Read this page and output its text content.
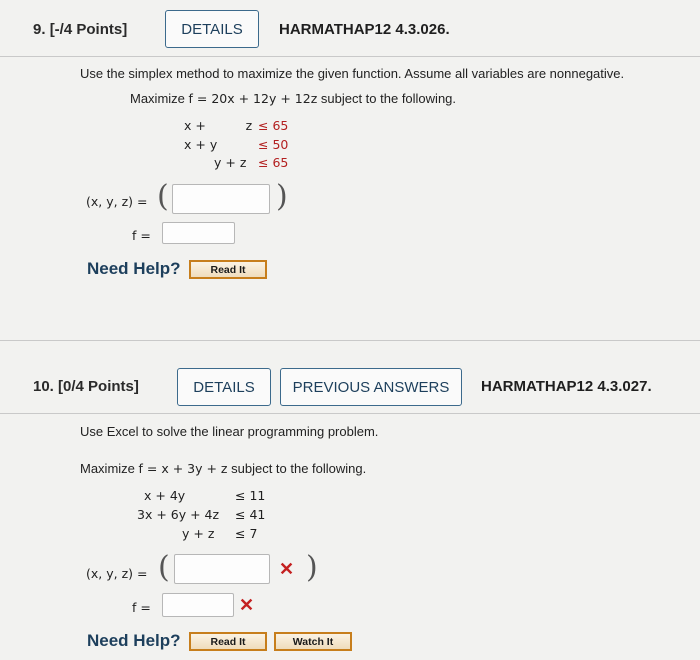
9. [-/4 Points]	DETAILS	HARMATHAP12 4.3.026.
Use the simplex method to maximize the given function. Assume all variables are nonnegative.
Maximize f = 20x + 12y + 12z subject to the following.
x +          z ≤ 65
x + y	≤ 50
y + z ≤ 65
(x, y, z) = (	)
f =
Need Help?	Read It
10. [0/4 Points]	DETAILS	PREVIOUS ANSWERS	HARMATHAP12 4.3.027.
Use Excel to solve the linear programming problem.
Maximize f = x + 3y + z subject to the following.
x + 4y	≤ 11
3x + 6y + 4z ≤ 41
y + z ≤ 7
(x, y, z) = (	✕ )
f =	✕
Need Help?	Read It	Watch It
